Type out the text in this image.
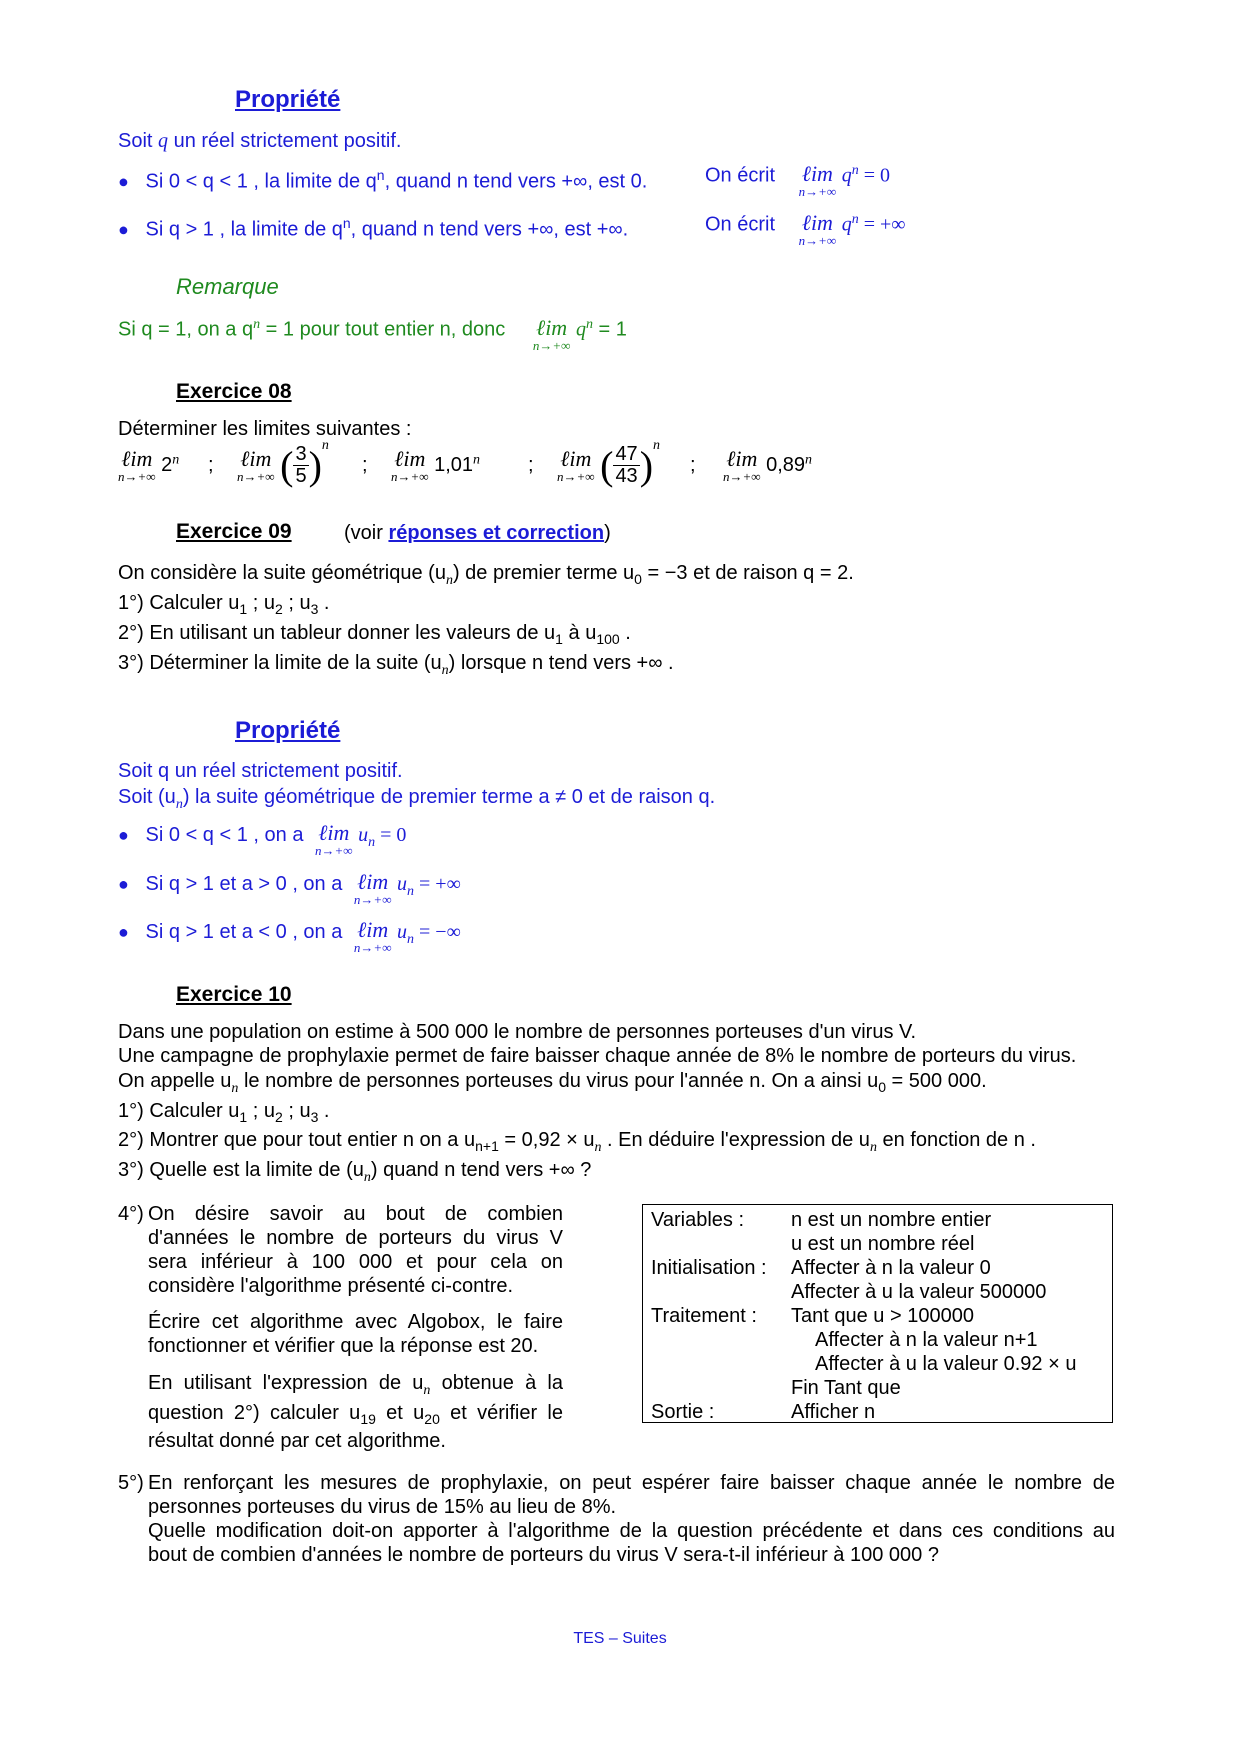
Propriété
Soit q un réel strictement positif.
● Si 0 < q < 1 , la limite de $q^n$, quand n tend vers +∞, est 0.	On écrit ℓim
n→+∞
$q^n = 0$
● Si q > 1 , la limite de $q^n$, quand n tend vers +∞, est +∞.	On écrit ℓim
n→+∞
$q^n$ = +∞
Remarque
Si q = 1, on a $q^n = 1$ pour tout entier n, donc ℓim
n→+∞
$q^n = 1$
Exercice 08
Déterminer les limites suivantes :
ℓim
n→+∞
2$^n$ ; ℓim
n→+∞ ( $\frac{3}{5} )^n$
; ℓim
n→+∞
1,01$^n$ ; ℓim
n→+∞ ( $\frac{47}{43} )^n$
; ℓim
n→+∞
0,89$^n$
Exercice 09	(voir réponses et correction)
On considère la suite géométrique $(u_n)$ de premier terme $u_0 = -3$ et de raison q = 2.
1°) Calculer $u_1$ ; $u_2$ ; $u_3$ .
2°) En utilisant un tableur donner les valeurs de $u_1$ à $u_{100}$ .
3°) Déterminer la limite de la suite $(u_n)$ lorsque n tend vers +∞ .
Propriété
Soit q un réel strictement positif.
Soit $(u_n)$ la suite géométrique de premier terme a ≠ 0 et de raison q.
● Si 0 < q < 1 , on a ℓim
n→+∞
$u_n = 0$
● Si q > 1 et a > 0 , on a ℓim
n→+∞
$u_n$ = +∞
● Si q > 1 et a < 0 , on a ℓim
n→+∞
$u_n$ = −∞
Exercice 10
Dans une population on estime à 500 000 le nombre de personnes porteuses d'un virus V.
Une campagne de prophylaxie permet de faire baisser chaque année de 8% le nombre de porteurs du virus.
On appelle $u_n$ le nombre de personnes porteuses du virus pour l'année n. On a ainsi $u_0 = 500$ 000.
1°) Calculer $u_1$ ; $u_2$ ; $u_3$ .
2°) Montrer que pour tout entier n on a $u_{n+1} = 0,92 \times u_n$ . En déduire l'expression de $u_n$ en fonction de n .
3°) Quelle est la limite de $(u_n)$ quand n tend vers +∞ ?
4°) On désire savoir au bout de combien
d'années le nombre de porteurs du virus V
sera inférieur à 100 000 et pour cela on
considère l'algorithme présenté ci-contre.
Écrire cet algorithme avec Algobox, le faire
fonctionner et vérifier que la réponse est 20.
En utilisant l'expression de $u_n$ obtenue à la
question 2°) calculer $u_{19}$ et $u_{20}$ et vérifier le
résultat donné par cet algorithme.
Variables : n est un nombre entier
u est un nombre réel
Initialisation : Affecter à n la valeur 0
Affecter à u la valeur 500000
Traitement : Tant que u > 100000
Affecter à n la valeur n+1
Affecter à u la valeur 0.92 × u
Fin Tant que
Sortie :	Afficher n
5°) En renforçant les mesures de prophylaxie, on peut espérer faire baisser chaque année le nombre de
personnes porteuses du virus de 15% au lieu de 8%.
Quelle modification doit-on apporter à l'algorithme de la question précédente et dans ces conditions au
bout de combien d'années le nombre de porteurs du virus V sera-t-il inférieur à 100 000 ?
TES – Suites
